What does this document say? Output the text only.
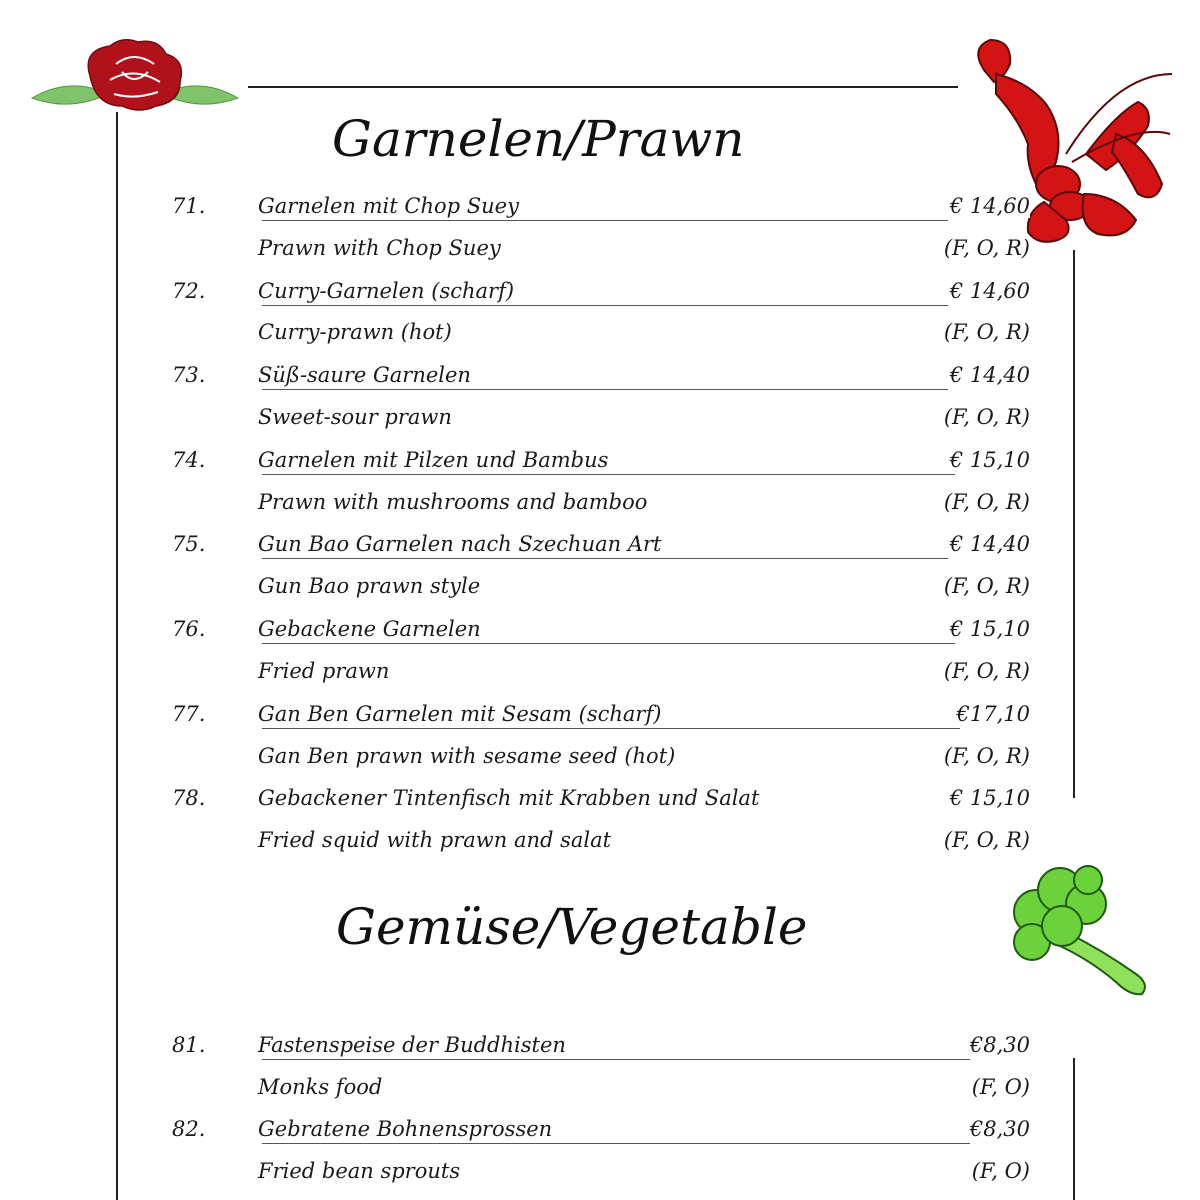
Garnelen/Prawn
Gemüse/Vegetable
71.	Garnelen mit Chop Suey	€ 14,60
Prawn with Chop Suey	(F, O, R)
72.	Curry-Garnelen (scharf)	€ 14,60
Curry-prawn (hot)	(F, O, R)
73.	Süß-saure Garnelen	€ 14,40
Sweet-sour prawn	(F, O, R)
74.	Garnelen mit Pilzen und Bambus	€ 15,10
Prawn with mushrooms and bamboo	(F, O, R)
75.	Gun Bao Garnelen nach Szechuan Art	€ 14,40
Gun Bao prawn style	(F, O, R)
76.	Gebackene Garnelen	€ 15,10
Fried prawn	(F, O, R)
77.	Gan Ben Garnelen mit Sesam (scharf)	€17,10
Gan Ben prawn with sesame seed (hot)	(F, O, R)
78.	Gebackener Tintenfisch mit Krabben und Salat	€ 15,10
Fried squid with prawn and salat	(F, O, R)
81.	Fastenspeise der Buddhisten	€8,30
Monks food	(F, O)
82.	Gebratene Bohnensprossen	€8,30
Fried bean sprouts	(F, O)
